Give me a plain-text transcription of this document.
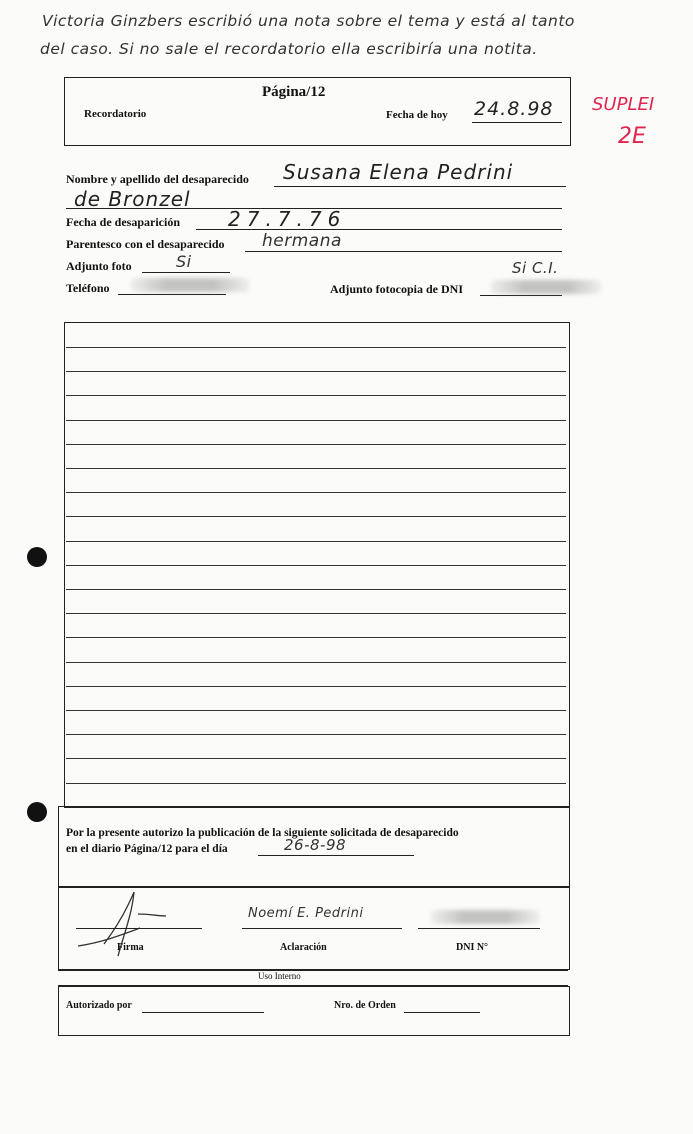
Victoria Ginzbers escribió una nota sobre el tema y está al tanto
del caso. Si no sale el recordatorio ella escribiría una notita.
SUPLEI
2E
Página/12
Recordatorio	Fecha de hoy 24.8.98
Nombre y apellido del desaparecido Susana Elena Pedrini
de Bronzel
Fecha de desaparición 27.7.76
Parentesco con el desaparecido hermana
Adjunto foto	Si	Si C.I.
Teléfono	Adjunto fotocopia de DNI
Por la presente autorizo la publicación de la siguiente solicitada de desaparecido
en el diario Página/12 para el día	26-8-98
Noemí E. Pedrini
Firma	Aclaración	DNI N°
Uso Interno
Autorizado por	Nro. de Orden
